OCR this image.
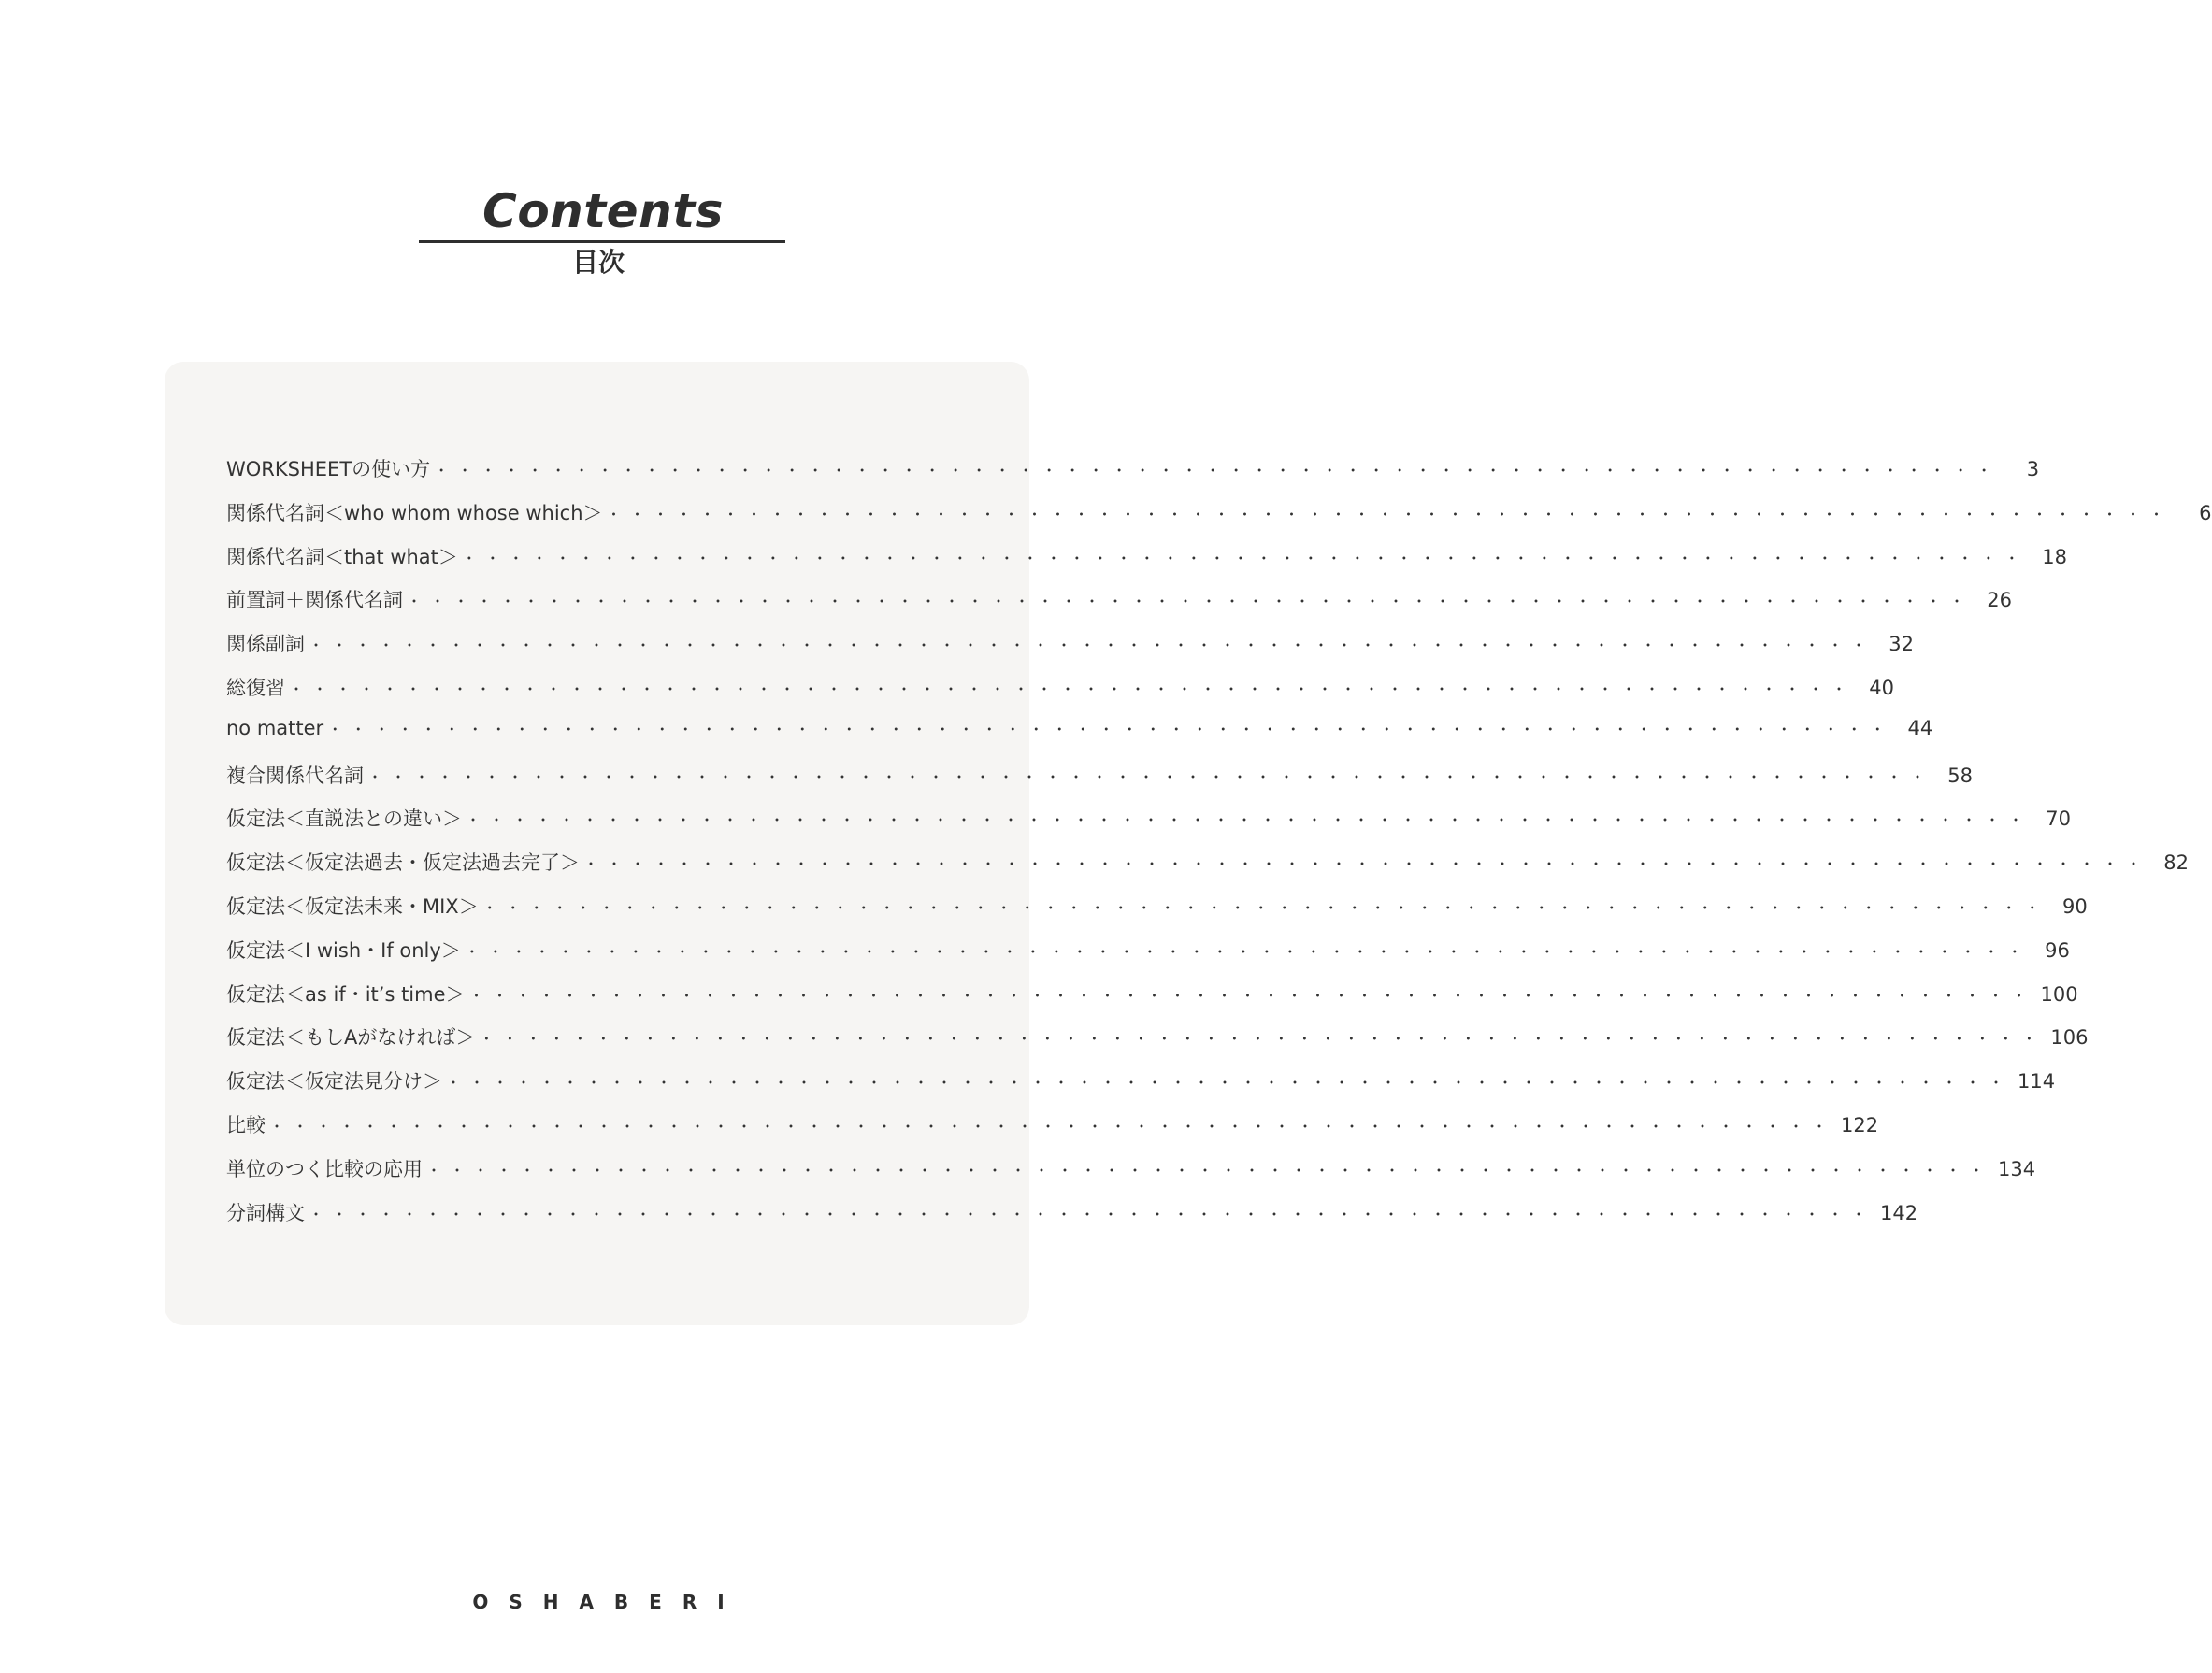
Contents
目次
WORKSHEETの使い方 ・・・・・・・・・・・・・・・・・・・・・・・・・・・・・・・・・・・・・・・・・・・・・・・・・・・・・・・・・・・・・・・・・・・	3
関係代名詞＜who whom whose which＞ ・・・・・・・・・・・・・・・・・・・・・・・・・・・・・・・・・・・・・・・・・・・・・・・・・・・・・・・・・・・・・・・・・・・	6
関係代名詞＜that what＞ ・・・・・・・・・・・・・・・・・・・・・・・・・・・・・・・・・・・・・・・・・・・・・・・・・・・・・・・・・・・・・・・・・・・ 18
前置詞＋関係代名詞 ・・・・・・・・・・・・・・・・・・・・・・・・・・・・・・・・・・・・・・・・・・・・・・・・・・・・・・・・・・・・・・・・・・・ 26
関係副詞 ・・・・・・・・・・・・・・・・・・・・・・・・・・・・・・・・・・・・・・・・・・・・・・・・・・・・・・・・・・・・・・・・・・・ 32
総復習 ・・・・・・・・・・・・・・・・・・・・・・・・・・・・・・・・・・・・・・・・・・・・・・・・・・・・・・・・・・・・・・・・・・・ 40
no matter ・・・・・・・・・・・・・・・・・・・・・・・・・・・・・・・・・・・・・・・・・・・・・・・・・・・・・・・・・・・・・・・・・・・ 44
複合関係代名詞 ・・・・・・・・・・・・・・・・・・・・・・・・・・・・・・・・・・・・・・・・・・・・・・・・・・・・・・・・・・・・・・・・・・・ 58
仮定法＜直説法との違い＞ ・・・・・・・・・・・・・・・・・・・・・・・・・・・・・・・・・・・・・・・・・・・・・・・・・・・・・・・・・・・・・・・・・・・ 70
仮定法＜仮定法過去・仮定法過去完了＞ ・・・・・・・・・・・・・・・・・・・・・・・・・・・・・・・・・・・・・・・・・・・・・・・・・・・・・・・・・・・・・・・・・・・ 82
仮定法＜仮定法未来・MIX＞ ・・・・・・・・・・・・・・・・・・・・・・・・・・・・・・・・・・・・・・・・・・・・・・・・・・・・・・・・・・・・・・・・・・・ 90
仮定法＜I wish・If only＞ ・・・・・・・・・・・・・・・・・・・・・・・・・・・・・・・・・・・・・・・・・・・・・・・・・・・・・・・・・・・・・・・・・・・ 96
仮定法＜as if・it’s time＞ ・・・・・・・・・・・・・・・・・・・・・・・・・・・・・・・・・・・・・・・・・・・・・・・・・・・・・・・・・・・・・・・・・・・ 100
仮定法＜もしAがなければ＞ ・・・・・・・・・・・・・・・・・・・・・・・・・・・・・・・・・・・・・・・・・・・・・・・・・・・・・・・・・・・・・・・・・・・ 106
仮定法＜仮定法見分け＞ ・・・・・・・・・・・・・・・・・・・・・・・・・・・・・・・・・・・・・・・・・・・・・・・・・・・・・・・・・・・・・・・・・・・ 114
比較 ・・・・・・・・・・・・・・・・・・・・・・・・・・・・・・・・・・・・・・・・・・・・・・・・・・・・・・・・・・・・・・・・・・・ 122
単位のつく比較の応用 ・・・・・・・・・・・・・・・・・・・・・・・・・・・・・・・・・・・・・・・・・・・・・・・・・・・・・・・・・・・・・・・・・・・ 134
分詞構文 ・・・・・・・・・・・・・・・・・・・・・・・・・・・・・・・・・・・・・・・・・・・・・・・・・・・・・・・・・・・・・・・・・・・ 142
OSHABERI
